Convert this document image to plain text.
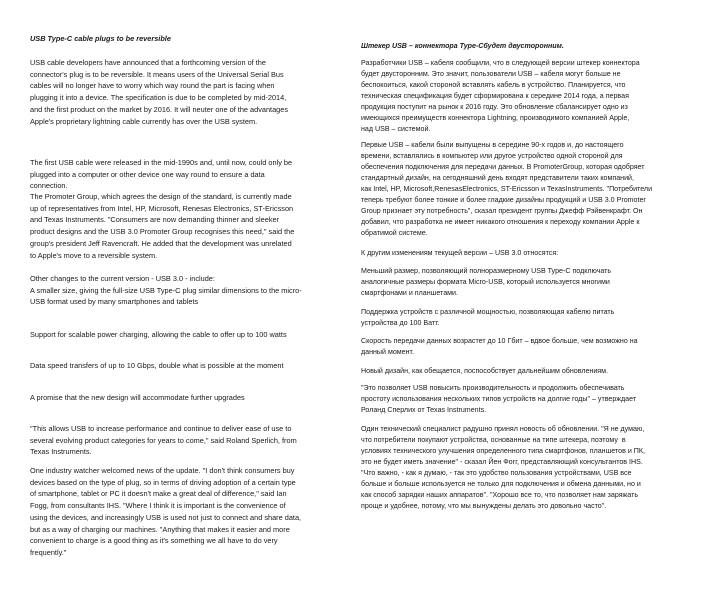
USB Type-C cable plugs to be reversible

USB cable developers have announced that a forthcoming version of the
connector's plug is to be reversible. It means users of the Universal Serial Bus
cables will no longer have to worry which way round the part is facing when
plugging it into a device. The specification is due to be completed by mid-2014,
and the first product on the market by 2016. It will neuter one of the advantages
Apple's proprietary lightning cable currently has over the USB system.

The first USB cable were released in the mid-1990s and, until now, could only be
plugged into a computer or other device one way round to ensure a data
connection.

The Promoter Group, which agrees the design of the standard, is currently made
up of representatives from Intel, HP, Microsoft, Renesas Electronics, ST-Ericsson
and Texas Instruments. "Consumers are now demanding thinner and sleeker
product designs and the USB 3.0 Promoter Group recognises this need," said the
group's president Jeff Ravencraft. He added that the development was unrelated
to Apple's move to a reversible system.

Other changes to the current version - USB 3.0 - include:
A smaller size, giving the full-size USB Type-C plug similar dimensions to the micro-
USB format used by many smartphones and tablets

Support for scalable power charging, allowing the cable to offer up to 100 watts

Data speed transfers of up to 10 Gbps, double what is possible at the moment

A promise that the new design will accommodate further upgrades

"This allows USB to increase performance and continue to deliver ease of use to
several evolving product categories for years to come," said Roland Sperlich, from
Texas Instruments.

One industry watcher welcomed news of the update. "I don't think consumers buy
devices based on the type of plug, so in terms of driving adoption of a certain type
of smartphone, tablet or PC it doesn't make a great deal of difference," said Ian
Fogg, from consultants IHS. "Where I think it is important is the convenience of
using the devices, and increasingly USB is used not just to connect and share data,
but as a way of charging our machines. "Anything that makes it easier and more
convenient to charge is a good thing as it's something we all have to do very
frequently."

Штекер USB – коннектора Type-Cбудет двусторонним.

Разработчики USB – кабеля сообщили, что в следующей версии штекер коннектора
будет двусторонним. Это значит, пользователи USB – кабеля могут больше не
беспокоиться, какой стороной вставлять кабель в устройство. Планируется, что
техническая спецификация будет сформирована к середине 2014 года, а первая
продукция поступит на рынок к 2016 году. Это обновление сбалансирует одно из
имеющихся преимуществ коннектора Lightning, производимого компанией Apple,
над USB – системой.

Первые USB – кабели были выпущены в середине 90-х годов и, до настоящего
времени, вставлялись в компьютер или другое устройство одной стороной для
обеспечения подключения для передачи данных. В PromoterGroup, которая одобряет
стандартный дизайн, на сегодняшний день входят представители таких компаний,
как Intel, HP, Microsoft,RenesasElectronics, ST-Ericsson и TexasInstruments. "Потребители
теперь требуют более тонкие и более гладкие дизайны продукций и USB 3.0 Promoter
Group признает эту потребность", сказал президент группы Джефф Рэйвенкрафт. Он
добавил, что разработка не имеет никакого отношения к переходу компании Apple к
обратимой системе.

К другим изменениям текущей версии – USB 3.0 относятся:

Меньший размер, позволяющий полноразмерному USB Type-C подключать
аналогичные размеры формата Micro-USB, который используется многими
смартфонами и планшетами.

Поддержка устройств с различной мощностью, позволяющая кабелю питать
устройства до 100 Ватт.

Скорость передачи данных возрастет до 10 Гбит – вдвое больше, чем возможно на
данный момент.

Новый дизайн, как обещается, поспособствует дальнейшим обновлениям.

"Это позволяет USB повысить производительность и продолжить обеспечивать
простоту использования нескольких типов устройств на долгие годы" – утверждает
Роланд Сперлих от Texas Instruments.

Один технический специалист радушно принял новость об обновлении. "Я не думаю,
что потребители покупают устройства, основанные на типе штекера, поэтому  в
условиях технического улучшения определенного типа смартфонов, планшетов и ПК,
это не будет иметь значение" - сказал Йен Фогг, представляющий консультантов IHS.
"Что важно, - как я думаю, - так это удобство пользования устройствами, USB все
больше и больше используется не только для подключения и обмена данными, но и
как способ зарядки наших аппаратов". "Хорошо все то, что позволяет нам заряжать
проще и удобнее, потому, что мы вынуждены делать это довольно часто".
